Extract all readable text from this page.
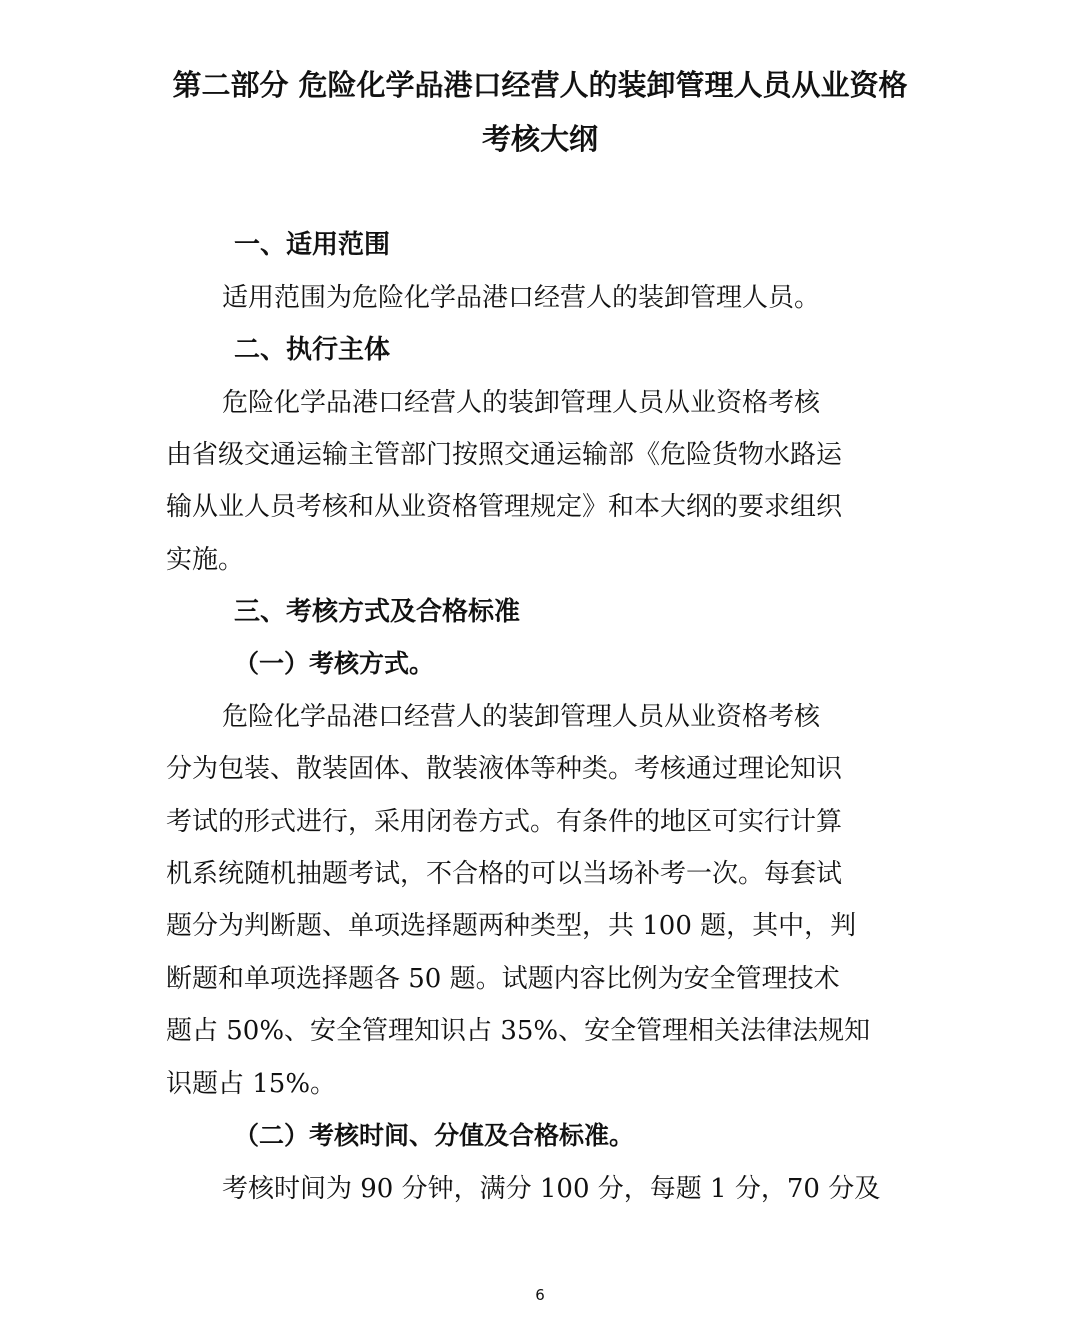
第二部分 危险化学品港口经营人的装卸管理人员从业资格
考核大纲
一、适用范围
适用范围为危险化学品港口经营人的装卸管理人员。
二、执行主体
危险化学品港口经营人的装卸管理人员从业资格考核
由省级交通运输主管部门按照交通运输部《危险货物水路运
输从业人员考核和从业资格管理规定》和本大纲的要求组织
实施。
三、考核方式及合格标准
（一）考核方式。
危险化学品港口经营人的装卸管理人员从业资格考核
分为包装、散装固体、散装液体等种类。考核通过理论知识
考试的形式进行，采用闭卷方式。有条件的地区可实行计算
机系统随机抽题考试，不合格的可以当场补考一次。每套试
题分为判断题、单项选择题两种类型，共 100 题，其中，判
断题和单项选择题各 50 题。试题内容比例为安全管理技术
题占 50%、安全管理知识占 35%、安全管理相关法律法规知
识题占 15%。
（二）考核时间、分值及合格标准。
考核时间为 90 分钟，满分 100 分，每题 1 分，70 分及
6
